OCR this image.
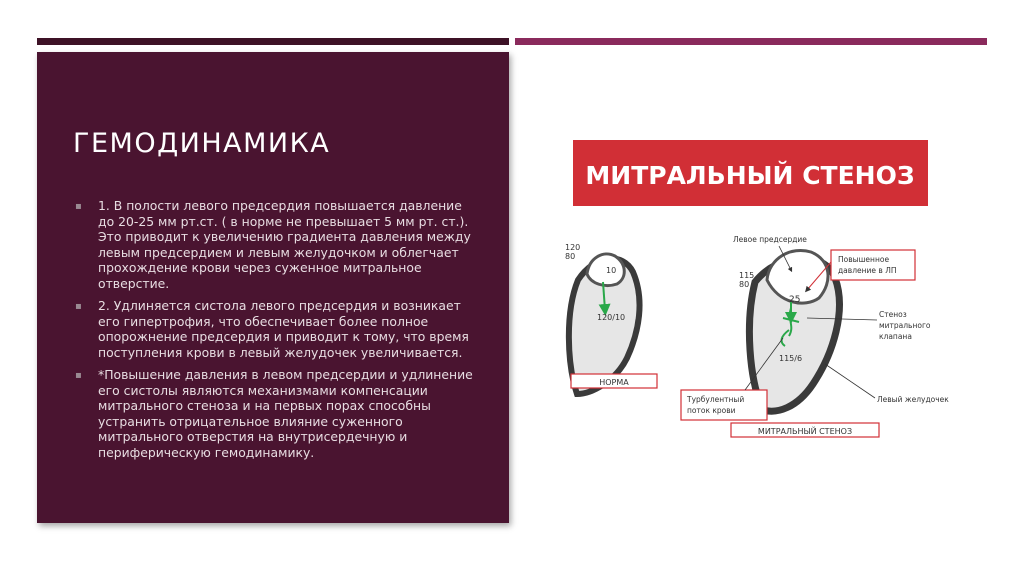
ГЕМОДИНАМИКА
▪ 1. В полости левого предсердия повышается давление до 20-25 мм рт.ст. ( в норме не превышает 5 мм рт. ст.). Это приводит к увеличению градиента давления между левым предсердием и левым желудочком и облегчает прохождение крови через суженное митральное отверстие.
▪ 2. Удлиняется систола левого предсердия и возникает его гипертрофия, что обеспечивает более полное опорожнение предсердия и приводит к тому, что время поступления крови в левый желудочек увеличивается.
▪ *Повышение давления в левом предсердии и удлинение его систолы являются механизмами компенсации митрального стеноза и на первых порах способны устранить отрицательное влияние суженного митрального отверстия на внутрисердечную и периферическую гемодинамику.
МИТРАЛЬНЫЙ СТЕНОЗ
120
80
10
120/10
НОРМА
115
80
25
115/6
Левое предсердие
Повышенное
давление в ЛП
Стеноз
митрального
клапана
Турбулентный
поток крови
Левый желудочек
МИТРАЛЬНЫЙ СТЕНОЗ
